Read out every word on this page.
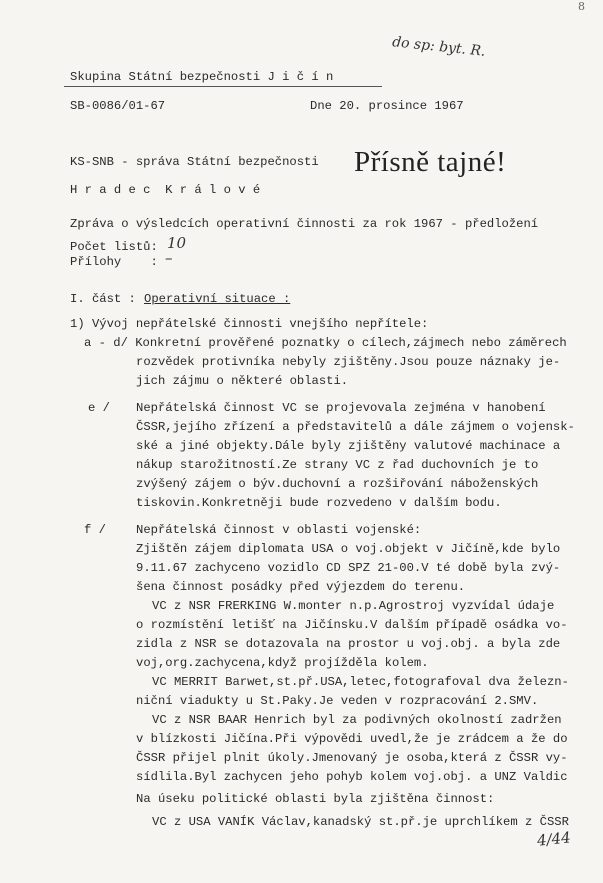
8
do sp: byt. R.
Skupina Státní bezpečnosti J i č í n
SB-0086/01-67	Dne 20. prosince 1967
KS-SNB - správa Státní bezpečnosti
H r a d e c  K r á l o v é
Přísně tajné!
Zpráva o výsledcích operativní činnosti za rok 1967 - předložení
Počet listů: 10
Přílohy    : –
I. část : Operativní situace :
1) Vývoj nepřátelské činnosti vnejšího nepřítele:
a - d/ Konkretní prověřené poznatky o cílech,zájmech nebo záměrech
rozvědek protivníka nebyly zjištěny.Jsou pouze náznaky je-
jich zájmu o některé oblasti.
e / Nepřátelská činnost VC se projevovala zejména v hanobení
ČSSR,jejího zřízení a představitelů a dále zájmem o vojensk-
ské a jiné objekty.Dále byly zjištěny valutové machinace a
nákup starožitností.Ze strany VC z řad duchovních je to
zvýšený zájem o býv.duchovní a rozšiřování náboženských
tiskovin.Konkretněji bude rozvedeno v dalším bodu.
f / Nepřátelská činnost v oblasti vojenské:
Zjištěn zájem diplomata USA o voj.objekt v Jičíně,kde bylo
9.11.67 zachyceno vozidlo CD SPZ 21-00.V té době byla zvý-
šena činnost posádky před výjezdem do terenu.
VC z NSR FRERKING W.monter n.p.Agrostroj vyzvídal údaje
o rozmístění letišť na Jičínsku.V dalším případě osádka vo-
zidla z NSR se dotazovala na prostor u voj.obj. a byla zde
voj,org.zachycena,když projížděla kolem.
VC MERRIT Barwet,st.př.USA,letec,fotografoval dva železn-
niční viadukty u St.Paky.Je veden v rozpracování 2.SMV.
VC z NSR BAAR Henrich byl za podivných okolností zadržen
v blízkosti Jičína.Při výpovědi uvedl,že je zrádcem a že do
ČSSR přijel plnit úkoly.Jmenovaný je osoba,která z ČSSR vy-
sídlila.Byl zachycen jeho pohyb kolem voj.obj. a UNZ Valdic
Na úseku politické oblasti byla zjištěna činnost:
VC z USA VANÍK Václav,kanadský st.př.je uprchlíkem z ČSSR
4/44
